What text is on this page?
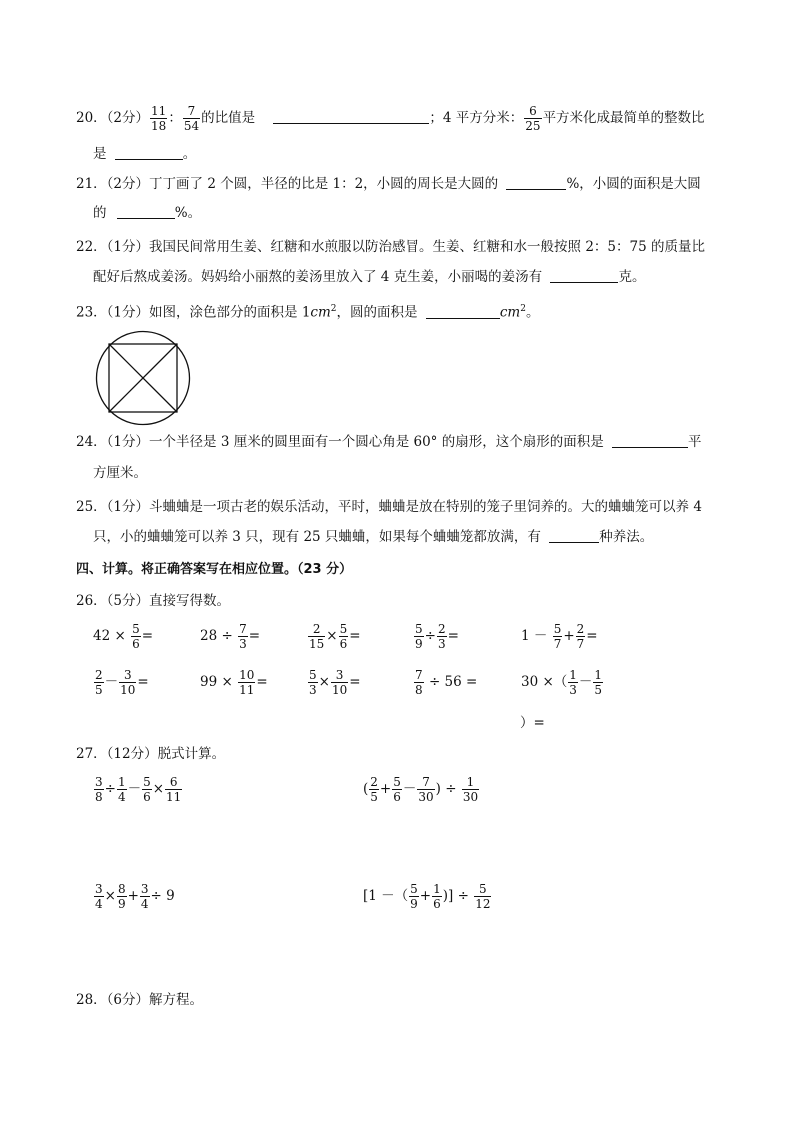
20．（2分） $\frac{11}{18}$ ： $\frac{7}{54}$ 的比值是	；4 平方分米： $\frac{6}{25}$ 平方米化成最简单的整数比
是	。
21．（2分）丁丁画了 2 个圆，半径的比是 1：2，小圆的周长是大圆的	%，小圆的面积是大圆
的	%。
22．（1分）我国民间常用生姜、红糖和水煎服以防治感冒。生姜、红糖和水一般按照 2：5：75 的质量比
配好后熬成姜汤。妈妈给小丽熬的姜汤里放入了 4 克生姜，小丽喝的姜汤有	克。
23．（1分）如图，涂色部分的面积是 $1cm^2$，圆的面积是	$cm^2$。
24．（1分）一个半径是 3 厘米的圆里面有一个圆心角是 60° 的扇形，这个扇形的面积是	平
方厘米。
25．（1分）斗蛐蛐是一项古老的娱乐活动，平时，蛐蛐是放在特别的笼子里饲养的。大的蛐蛐笼可以养 4
只，小的蛐蛐笼可以养 3 只，现有 25 只蛐蛐，如果每个蛐蛐笼都放满，有	种养法。
四、计算。将正确答案写在相应位置。（23 分）
26．（5分）直接写得数。
$42 \times \frac{5}{6}$ =	$28 \div \frac{7}{3}$ =	$\frac{2}{15} \times \frac{5}{6}$ =	$\frac{5}{9} \div \frac{2}{3}$ =	$1 - \frac{5}{7} + \frac{2}{7}$ =
$\frac{2}{5} - \frac{3}{10}$ =	$99 \times \frac{10}{11}$ =	$\frac{5}{3} \times \frac{3}{10}$ =	$\frac{7}{8} \div 56$ =	30 ×（ $\frac{1}{3} - \frac{1}{5}$
）=
27．（12分）脱式计算。
$\frac{3}{8} \div \frac{1}{4} - \frac{5}{6} \times \frac{6}{11}$	( $\frac{2}{5} + \frac{5}{6} - \frac{7}{30}$ ) ÷ $\frac{1}{30}$
$\frac{3}{4} \times \frac{8}{9} + \frac{3}{4} \div 9$	[1 －（ $\frac{5}{9} + \frac{1}{6}$ )] ÷ $\frac{5}{12}$
28．（6分）解方程。
